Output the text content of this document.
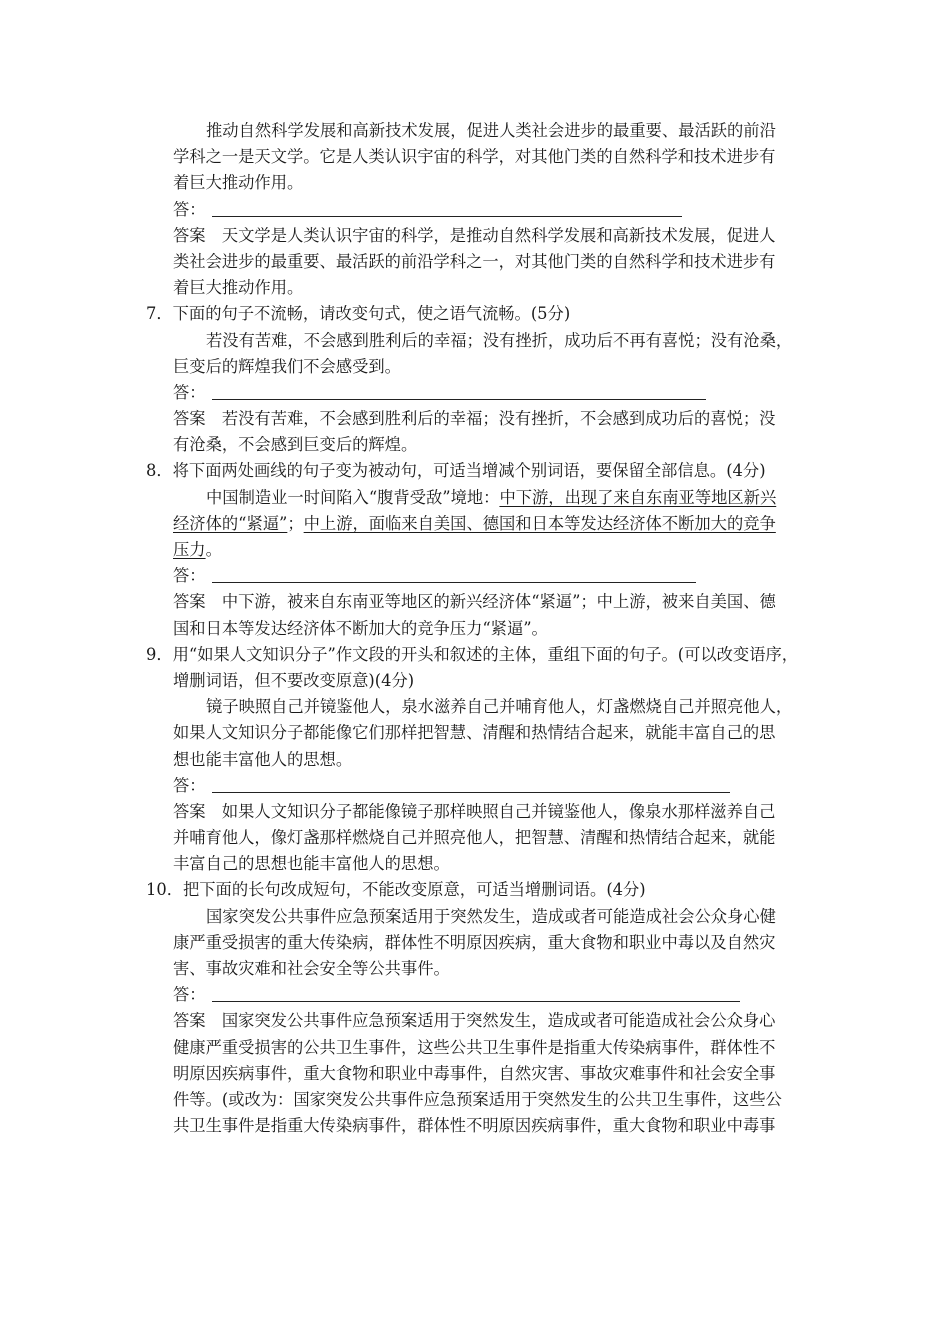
推动自然科学发展和高新技术发展，促进人类社会进步的最重要、最活跃的前沿
学科之一是天文学。它是人类认识宇宙的科学，对其他门类的自然科学和技术进步有
着巨大推动作用。
答：
答案　天文学是人类认识宇宙的科学，是推动自然科学发展和高新技术发展，促进人
类社会进步的最重要、最活跃的前沿学科之一，对其他门类的自然科学和技术进步有
着巨大推动作用。
7．下面的句子不流畅，请改变句式，使之语气流畅。(5分)
若没有苦难，不会感到胜利后的幸福；没有挫折，成功后不再有喜悦；没有沧桑，
巨变后的辉煌我们不会感受到。
答：
答案　若没有苦难，不会感到胜利后的幸福；没有挫折，不会感到成功后的喜悦；没
有沧桑，不会感到巨变后的辉煌。
8．将下面两处画线的句子变为被动句，可适当增减个别词语，要保留全部信息。(4分)
中国制造业一时间陷入“腹背受敌”境地：中下游，出现了来自东南亚等地区新兴
经济体的“紧逼”；中上游，面临来自美国、德国和日本等发达经济体不断加大的竞争
压力。
答：
答案　中下游，被来自东南亚等地区的新兴经济体“紧逼”；中上游，被来自美国、德
国和日本等发达经济体不断加大的竞争压力“紧逼”。
9．用“如果人文知识分子”作文段的开头和叙述的主体，重组下面的句子。(可以改变语序，
增删词语，但不要改变原意)(4分)
镜子映照自己并镜鉴他人，泉水滋养自己并哺育他人，灯盏燃烧自己并照亮他人，
如果人文知识分子都能像它们那样把智慧、清醒和热情结合起来，就能丰富自己的思
想也能丰富他人的思想。
答：
答案　如果人文知识分子都能像镜子那样映照自己并镜鉴他人，像泉水那样滋养自己
并哺育他人，像灯盏那样燃烧自己并照亮他人，把智慧、清醒和热情结合起来，就能
丰富自己的思想也能丰富他人的思想。
10．把下面的长句改成短句，不能改变原意，可适当增删词语。(4分)
国家突发公共事件应急预案适用于突然发生，造成或者可能造成社会公众身心健
康严重受损害的重大传染病，群体性不明原因疾病，重大食物和职业中毒以及自然灾
害、事故灾难和社会安全等公共事件。
答：
答案　国家突发公共事件应急预案适用于突然发生，造成或者可能造成社会公众身心
健康严重受损害的公共卫生事件，这些公共卫生事件是指重大传染病事件，群体性不
明原因疾病事件，重大食物和职业中毒事件，自然灾害、事故灾难事件和社会安全事
件等。(或改为：国家突发公共事件应急预案适用于突然发生的公共卫生事件，这些公
共卫生事件是指重大传染病事件，群体性不明原因疾病事件，重大食物和职业中毒事
